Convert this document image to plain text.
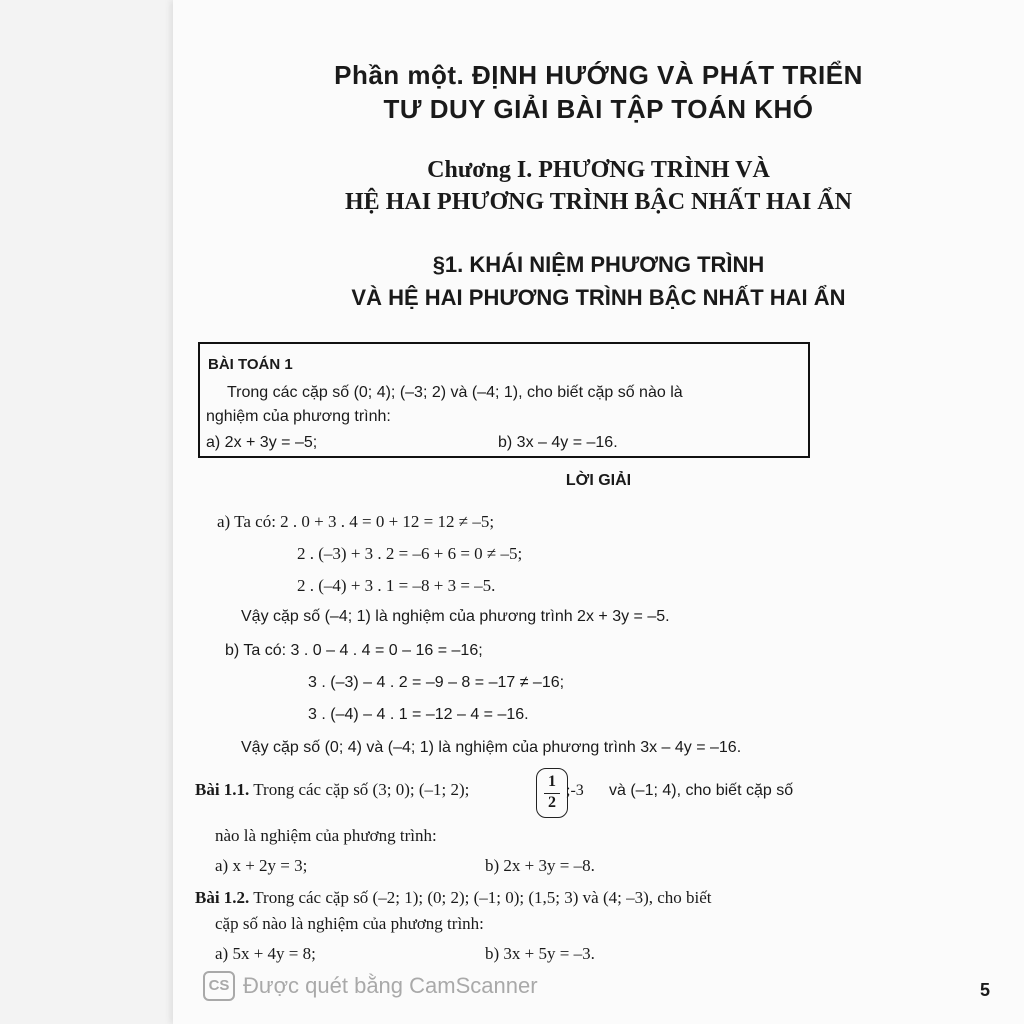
Phần một. ĐỊNH HƯỚNG VÀ PHÁT TRIỂN
TƯ DUY GIẢI BÀI TẬP TOÁN KHÓ
Chương I. PHƯƠNG TRÌNH VÀ
HỆ HAI PHƯƠNG TRÌNH BẬC NHẤT HAI ẨN
§1. KHÁI NIỆM PHƯƠNG TRÌNH
VÀ HỆ HAI PHƯƠNG TRÌNH BẬC NHẤT HAI ẨN
BÀI TOÁN 1
Trong các cặp số (0; 4); (–3; 2) và (–4; 1), cho biết cặp số nào là
nghiệm của phương trình:
a) 2x + 3y = –5;	b) 3x – 4y = –16.
LỜI GIẢI
a) Ta có: 2 . 0 + 3 . 4 = 0 + 12 = 12 ≠ –5;
2 . (–3) + 3 . 2 = –6 + 6 = 0 ≠ –5;
2 . (–4) + 3 . 1 = –8 + 3 = –5.
Vậy cặp số (–4; 1) là nghiệm của phương trình 2x + 3y = –5.
b) Ta có: 3 . 0 – 4 . 4 = 0 – 16 = –16;
3 . (–3) – 4 . 2 = –9 – 8 = –17 ≠ –16;
3 . (–4) – 4 . 1 = –12 – 4 = –16.
Vậy cặp số (0; 4) và (–4; 1) là nghiệm của phương trình 3x – 4y = –16.
Bài 1.1. Trong các cặp số (3; 0); (–1; 2);	1
2
;-3 và (–1; 4), cho biết cặp số
nào là nghiệm của phương trình:
a) x + 2y = 3;	b) 2x + 3y = –8.
Bài 1.2. Trong các cặp số (–2; 1); (0; 2); (–1; 0); (1,5; 3) và (4; –3), cho biết
cặp số nào là nghiệm của phương trình:
a) 5x + 4y = 8;	b) 3x + 5y = –3.
5
CS Được quét bằng CamScanner
